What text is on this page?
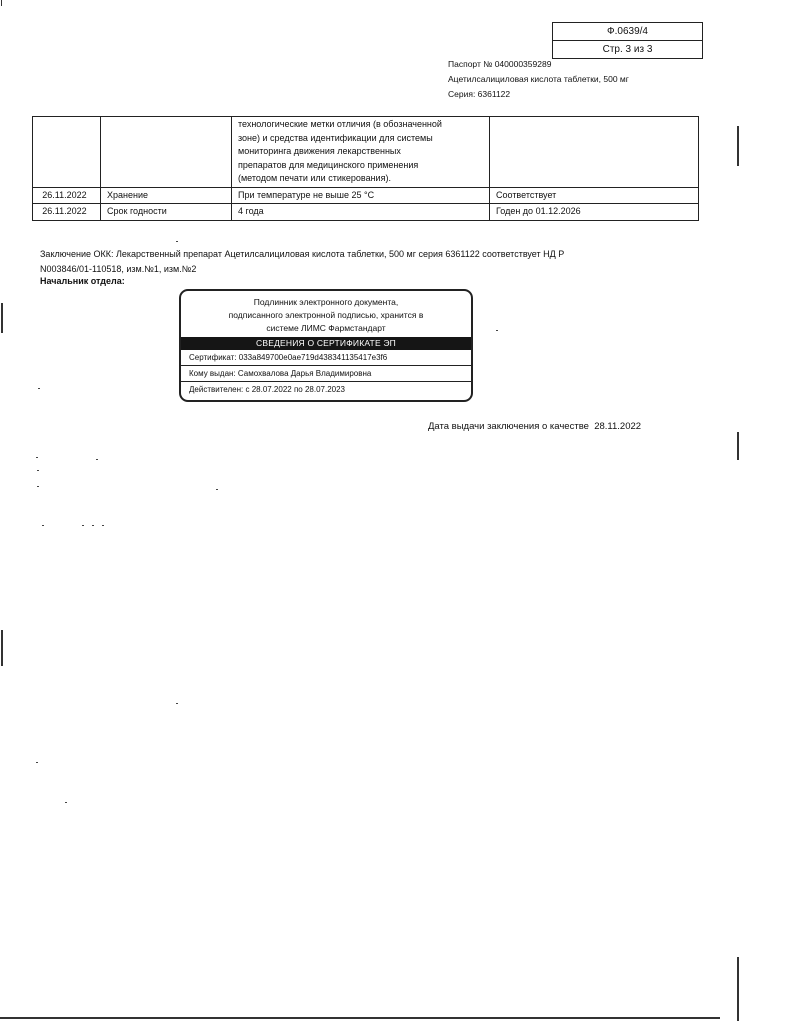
Ф.0639/4
Стр. 3 из 3
Паспорт № 040000359289
Ацетилсалициловая кислота таблетки, 500 мг
Серия: 6361122

		технологические метки отличия (в обозначенной
зоне) и средства идентификации для системы
мониторинга движения лекарственных
препаратов для медицинского применения
(методом печати или стикерования).	

26.11.2022	Хранение	При температуре не выше 25 °С	Соответствует
26.11.2022	Срок годности	4 года	Годен до 01.12.2026
Заключение ОКК: Лекарственный препарат Ацетилсалициловая кислота таблетки, 500 мг серия 6361122 соответствует НД Р
N003846/01-110518, изм.№1, изм.№2
Начальник отдела:
Подлинник электронного документа,
подписанного электронной подписью, хранится в
системе ЛИМС Фармстандарт
СВЕДЕНИЯ О СЕРТИФИКАТЕ ЭП
Сертификат: 033a849700e0ae719d438341135417e3f6
Кому выдан: Самохвалова Дарья Владимировна
Действителен: с 28.07.2022 по 28.07.2023
Дата выдачи заключения о качестве 28.11.2022
